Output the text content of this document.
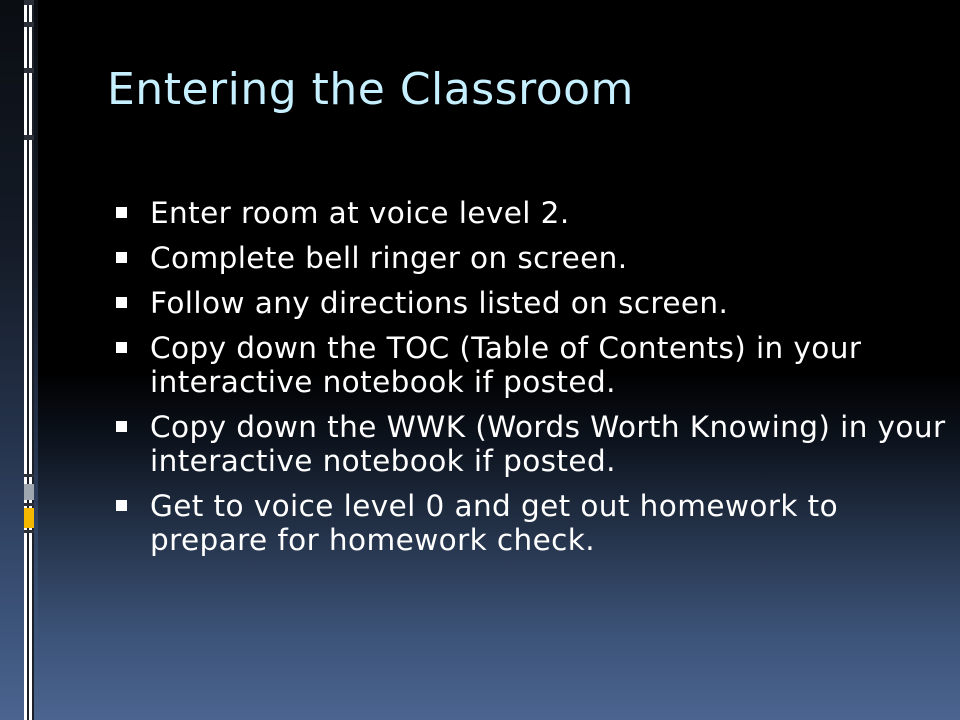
Entering the Classroom
Enter room at voice level 2.
Complete bell ringer on screen.
Follow any directions listed on screen.
Copy down the TOC (Table of Contents) in your interactive notebook if posted.
Copy down the WWK (Words Worth Knowing) in your interactive notebook if posted.
Get to voice level 0 and get out homework to prepare for homework check.
